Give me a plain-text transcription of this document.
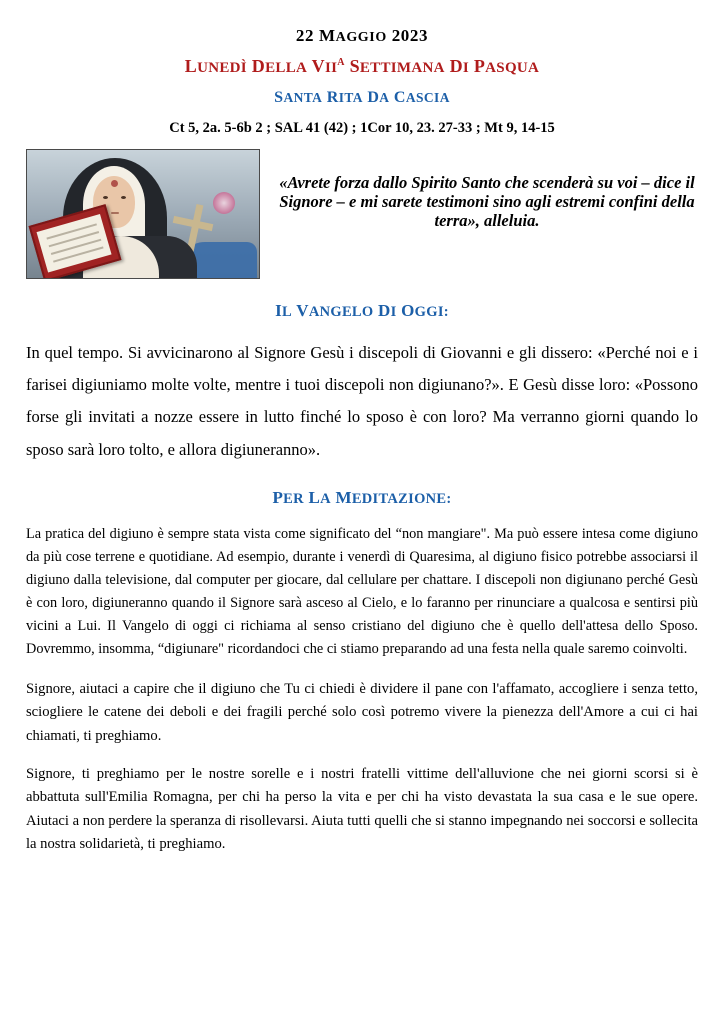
22 MAGGIO 2023
LUNEDÌ DELLA $VII^A$ SETTIMANA DI PASQUA
SANTA RITA DA CASCIA
Ct 5, 2a. 5-6b 2 ; SAL 41 (42) ; 1Cor 10, 23. 27-33 ; Mt 9, 14-15
«Avrete forza dallo Spirito Santo che scenderà su voi – dice il Signore – e mi sarete testimoni sino agli estremi confini della terra», alleluia.
IL VANGELO DI OGGI:
In quel tempo. Si avvicinarono al Signore Gesù i discepoli di Giovanni e gli dissero: «Perché noi e i farisei digiuniamo molte volte, mentre i tuoi discepoli non digiunano?». E Gesù disse loro: «Possono forse gli invitati a nozze essere in lutto finché lo sposo è con loro? Ma verranno giorni quando lo sposo sarà loro tolto, e allora digiuneranno».
PER LA MEDITAZIONE:
La pratica del digiuno è sempre stata vista come significato del “non mangiare". Ma può essere intesa come digiuno da più cose terrene e quotidiane. Ad esempio, durante i venerdì di Quaresima, al digiuno fisico potrebbe associarsi il digiuno dalla televisione, dal computer per giocare, dal cellulare per chattare. I discepoli non digiunano perché Gesù è con loro, digiuneranno quando il Signore sarà asceso al Cielo, e lo faranno per rinunciare a qualcosa e sentirsi più vicini a Lui. Il Vangelo di oggi ci richiama al senso cristiano del digiuno che è quello dell'attesa dello Sposo. Dovremmo, insomma, “digiunare" ricordandoci che ci stiamo preparando ad una festa nella quale saremo coinvolti.
Signore, aiutaci a capire che il digiuno che Tu ci chiedi è dividere il pane con l'affamato, accogliere i senza tetto, sciogliere le catene dei deboli e dei fragili perché solo così potremo vivere la pienezza dell'Amore a cui ci hai chiamati, ti preghiamo.
Signore, ti preghiamo per le nostre sorelle e i nostri fratelli vittime dell'alluvione che nei giorni scorsi si è abbattuta sull'Emilia Romagna, per chi ha perso la vita e per chi ha visto devastata la sua casa e le sue opere. Aiutaci a non perdere la speranza di risollevarsi. Aiuta tutti quelli che si stanno impegnando nei soccorsi e sollecita la nostra solidarietà, ti preghiamo.
